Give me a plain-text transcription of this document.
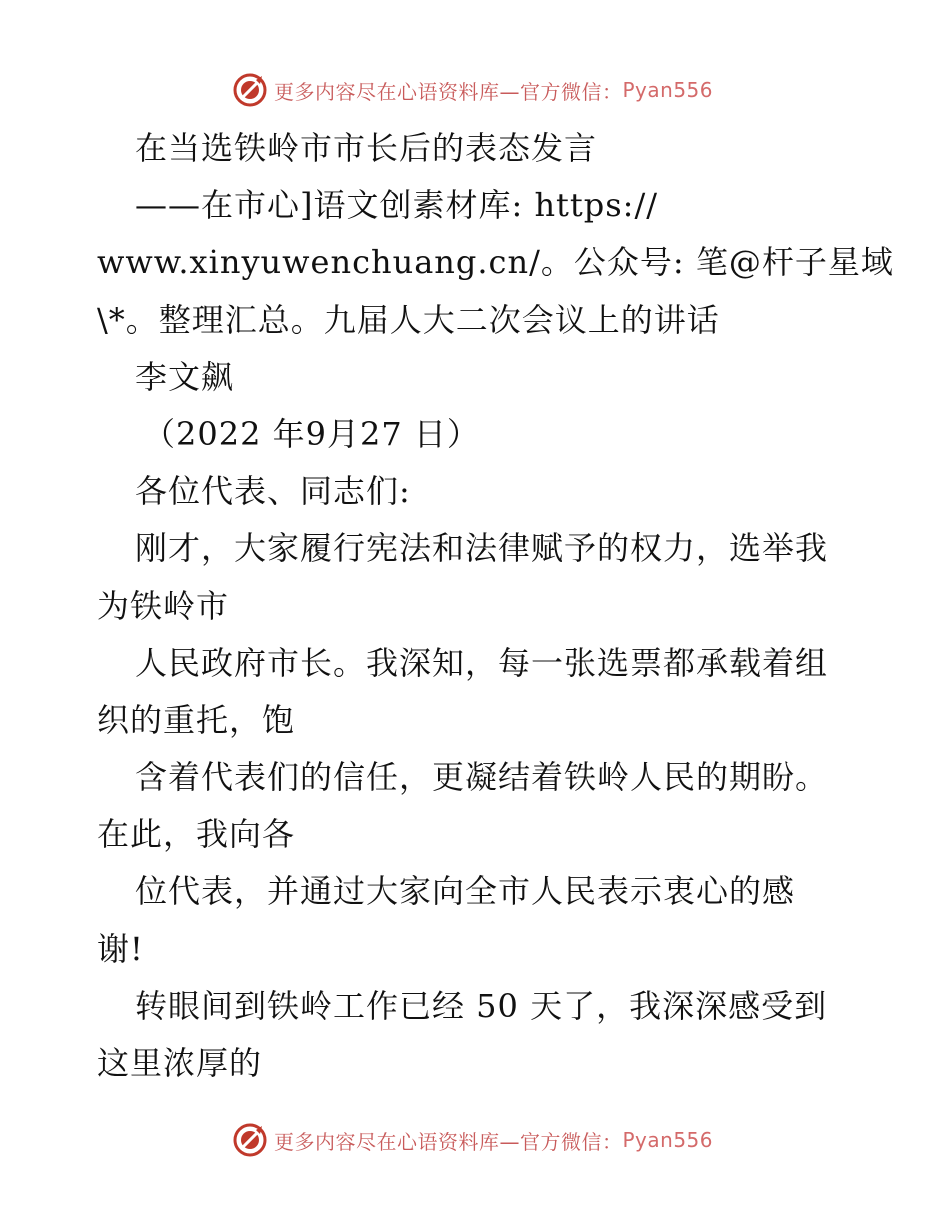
更多内容尽在心语资料库—官方微信： Pyan556
在当选铁岭市市长后的表态发言
——在市心]语文创素材库: https://
www.xinyuwenchuang.cn/。公众号: 笔@杆子星域
\*。整理汇总。九届人大二次会议上的讲话
李文飙
（2022 年9月27 日）
各位代表、同志们:
刚才，大家履行宪法和法律赋予的权力，选举我
为铁岭市
人民政府市长。我深知，每一张选票都承载着组
织的重托，饱
含着代表们的信任，更凝结着铁岭人民的期盼。
在此，我向各
位代表，并通过大家向全市人民表示衷心的感
谢!
转眼间到铁岭工作已经 50 天了，我深深感受到
这里浓厚的
更多内容尽在心语资料库—官方微信： Pyan556
